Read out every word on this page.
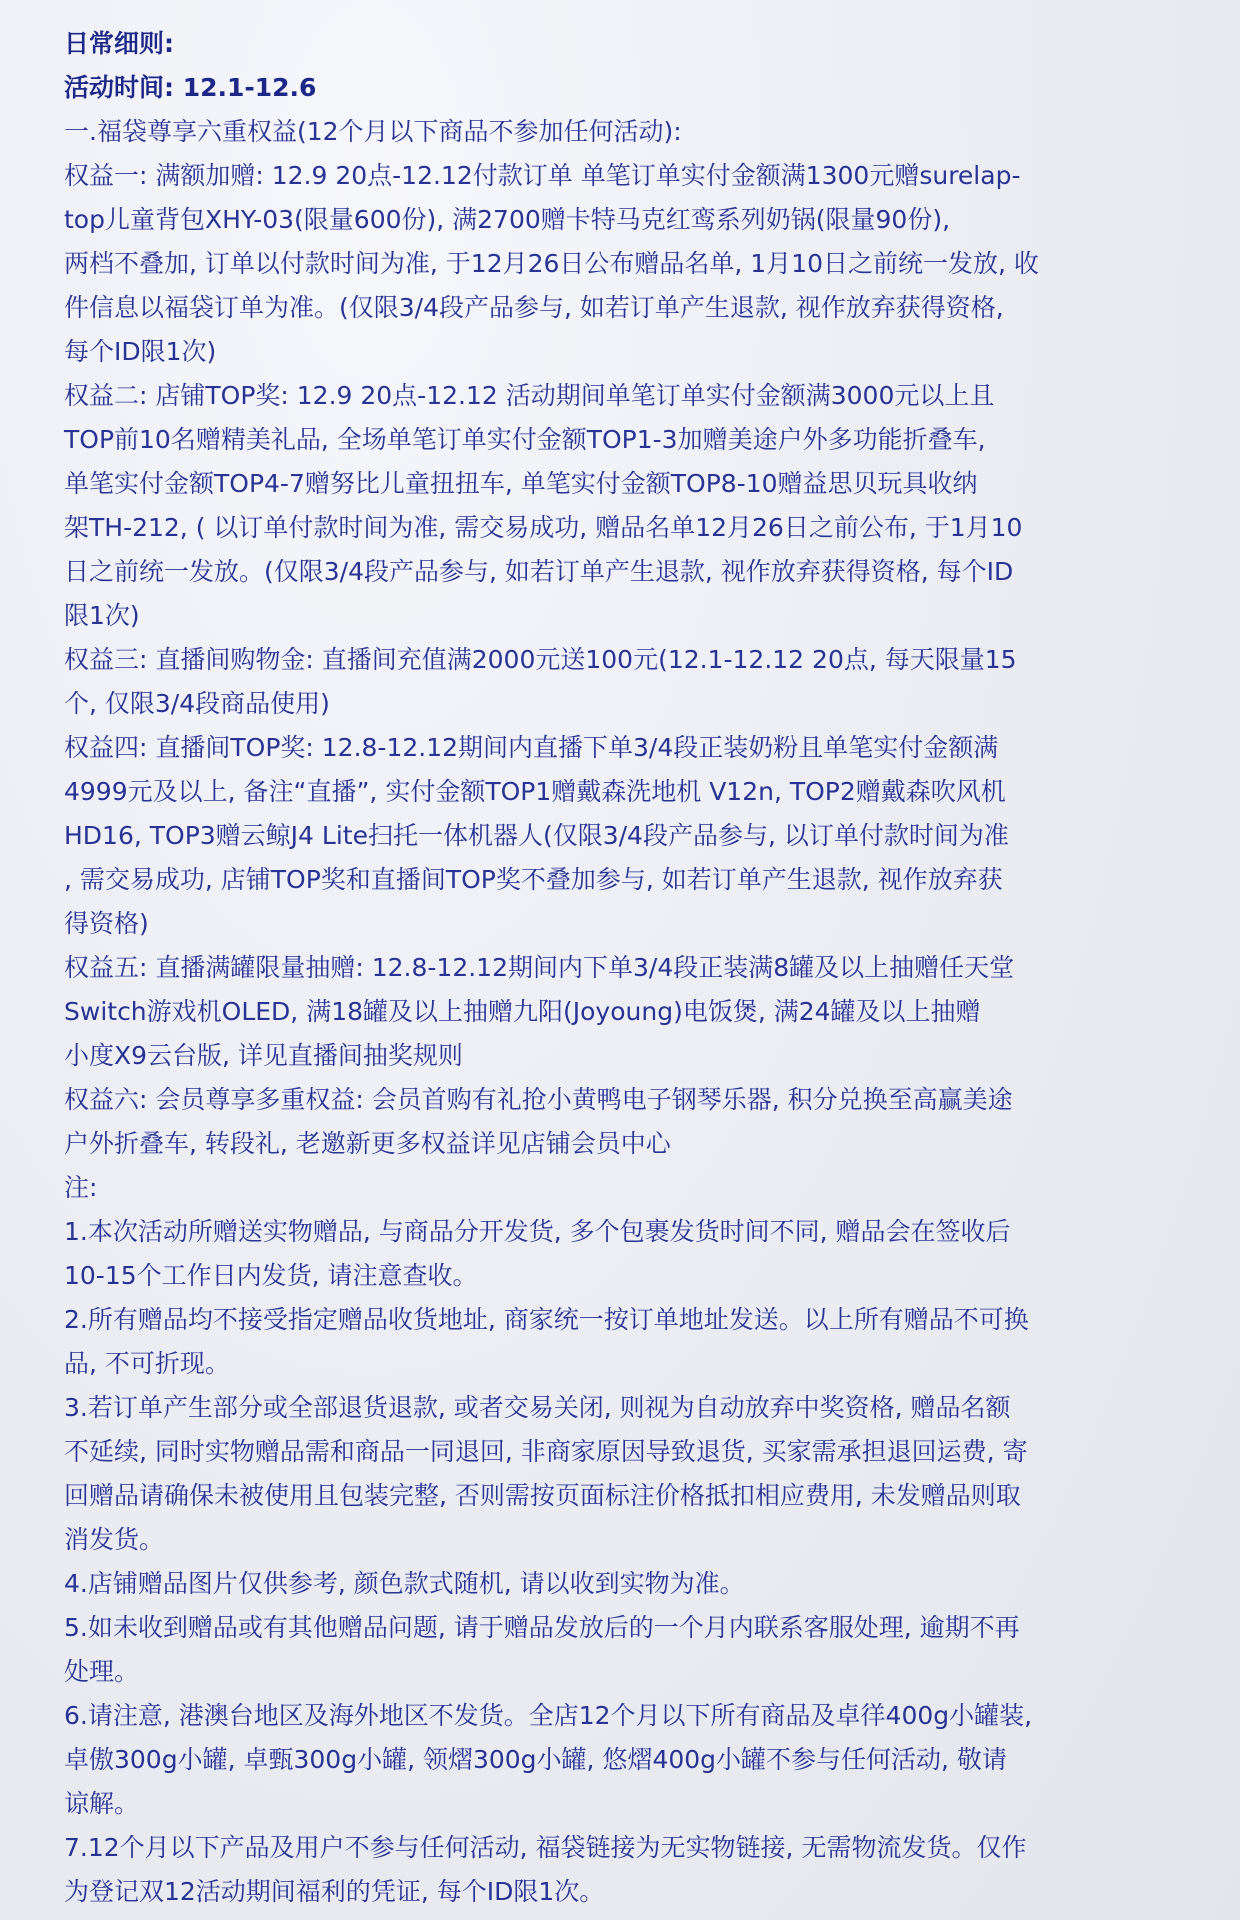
日常细则:

活动时间: 12.1-12.6

一.福袋尊享六重权益(12个月以下商品不参加任何活动):

权益一: 满额加赠: 12.9 20点-12.12付款订单 单笔订单实付金额满1300元赠surelap-

top儿童背包XHY-03(限量600份), 满2700赠卡特马克红鸾系列奶锅(限量90份),

两档不叠加, 订单以付款时间为准, 于12月26日公布赠品名单, 1月10日之前统一发放, 收

件信息以福袋订单为准。(仅限3/4段产品参与, 如若订单产生退款, 视作放弃获得资格,

每个ID限1次)

权益二: 店铺TOP奖: 12.9 20点-12.12 活动期间单笔订单实付金额满3000元以上且

TOP前10名赠精美礼品, 全场单笔订单实付金额TOP1-3加赠美途户外多功能折叠车,

单笔实付金额TOP4-7赠努比儿童扭扭车, 单笔实付金额TOP8-10赠益思贝玩具收纳

架TH-212, ( 以订单付款时间为准, 需交易成功, 赠品名单12月26日之前公布, 于1月10

日之前统一发放。(仅限3/4段产品参与, 如若订单产生退款, 视作放弃获得资格, 每个ID

限1次)

权益三: 直播间购物金: 直播间充值满2000元送100元(12.1-12.12 20点, 每天限量15

个, 仅限3/4段商品使用)

权益四: 直播间TOP奖: 12.8-12.12期间内直播下单3/4段正装奶粉且单笔实付金额满

4999元及以上, 备注“直播”, 实付金额TOP1赠戴森洗地机 V12n, TOP2赠戴森吹风机

HD16, TOP3赠云鲸J4 Lite扫托一体机器人(仅限3/4段产品参与, 以订单付款时间为准

, 需交易成功, 店铺TOP奖和直播间TOP奖不叠加参与, 如若订单产生退款, 视作放弃获

得资格)

权益五: 直播满罐限量抽赠: 12.8-12.12期间内下单3/4段正装满8罐及以上抽赠任天堂

Switch游戏机OLED, 满18罐及以上抽赠九阳(Joyoung)电饭煲, 满24罐及以上抽赠

小度X9云台版, 详见直播间抽奖规则

权益六: 会员尊享多重权益: 会员首购有礼抢小黄鸭电子钢琴乐器, 积分兑换至高赢美途

户外折叠车, 转段礼, 老邀新更多权益详见店铺会员中心

注:

1.本次活动所赠送实物赠品, 与商品分开发货, 多个包裹发货时间不同, 赠品会在签收后

10-15个工作日内发货, 请注意查收。

2.所有赠品均不接受指定赠品收货地址, 商家统一按订单地址发送。以上所有赠品不可换

品, 不可折现。

3.若订单产生部分或全部退货退款, 或者交易关闭, 则视为自动放弃中奖资格, 赠品名额

不延续, 同时实物赠品需和商品一同退回, 非商家原因导致退货, 买家需承担退回运费, 寄

回赠品请确保未被使用且包装完整, 否则需按页面标注价格抵扣相应费用, 未发赠品则取

消发货。

4.店铺赠品图片仅供参考, 颜色款式随机, 请以收到实物为准。

5.如未收到赠品或有其他赠品问题, 请于赠品发放后的一个月内联系客服处理, 逾期不再

处理。

6.请注意, 港澳台地区及海外地区不发货。全店12个月以下所有商品及卓徉400g小罐装,

卓傲300g小罐, 卓甄300g小罐, 领熠300g小罐, 悠熠400g小罐不参与任何活动, 敬请

谅解。

7.12个月以下产品及用户不参与任何活动, 福袋链接为无实物链接, 无需物流发货。仅作

为登记双12活动期间福利的凭证, 每个ID限1次。
